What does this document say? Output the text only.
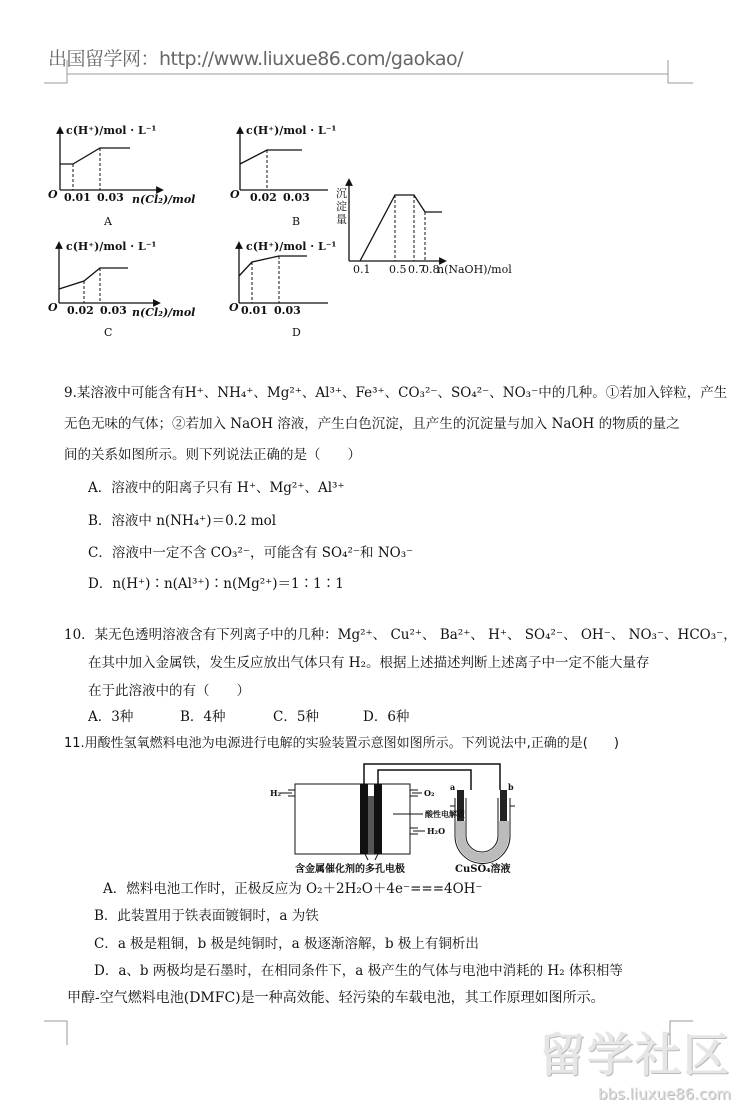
出国留学网：http://www.liuxue86.com/gaokao/
c(H⁺)/mol · L⁻¹	c(H⁺)/mol · L⁻¹
c(H⁺)/mol · L⁻¹	c(H⁺)/mol · L⁻¹
O	O
O	O
0.01 0.03 n(Cl₂)/mol	0.02 0.03
0.02 0.03 n(Cl₂)/mol	0.01 0.03
A	B
C	D
沉
淀
量
0.1 0.5 0.7
0.8
n(NaOH)/mol
9.某溶液中可能含有H⁺、NH₄⁺、Mg²⁺、Al³⁺、Fe³⁺、CO₃²⁻、SO₄²⁻、NO₃⁻中的几种。①若加入锌粒，产生
无色无味的气体；②若加入 NaOH 溶液，产生白色沉淀，且产生的沉淀量与加入 NaOH 的物质的量之
间的关系如图所示。则下列说法正确的是（　　）
A．溶液中的阳离子只有 H⁺、Mg²⁺、Al³⁺
B．溶液中 n(NH₄⁺)＝0.2 mol
C．溶液中一定不含 CO₃²⁻，可能含有 SO₄²⁻和 NO₃⁻
D．n(H⁺)∶n(Al³⁺)∶n(Mg²⁺)＝1∶1∶1
10．某无色透明溶液含有下列离子中的几种：Mg²⁺、 Cu²⁺、 Ba²⁺、 H⁺、 SO₄²⁻、 OH⁻、 NO₃⁻、HCO₃⁻，
在其中加入金属铁，发生反应放出气体只有 H₂。根据上述描述判断上述离子中一定不能大量存
在于此溶液中的有（　　）
A．3种	B．4种	C．5种	D．6种
11.用酸性氢氧燃料电池为电源进行电解的实验装置示意图如图所示。下列说法中,正确的是(　　)
H₂	O₂
酸性电解质
H₂O
a	b
含金属催化剂的多孔电极	CuSO₄溶液
A．燃料电池工作时，正极反应为 O₂＋2H₂O＋4e⁻===4OH⁻
B．此装置用于铁表面镀铜时，a 为铁
C．a 极是粗铜，b 极是纯铜时，a 极逐渐溶解，b 极上有铜析出
D．a、b 两极均是石墨时，在相同条件下，a 极产生的气体与电池中消耗的 H₂ 体积相等
甲醇-空气燃料电池(DMFC)是一种高效能、轻污染的车载电池，其工作原理如图所示。
留学社区
bbs.liuxue86.com
